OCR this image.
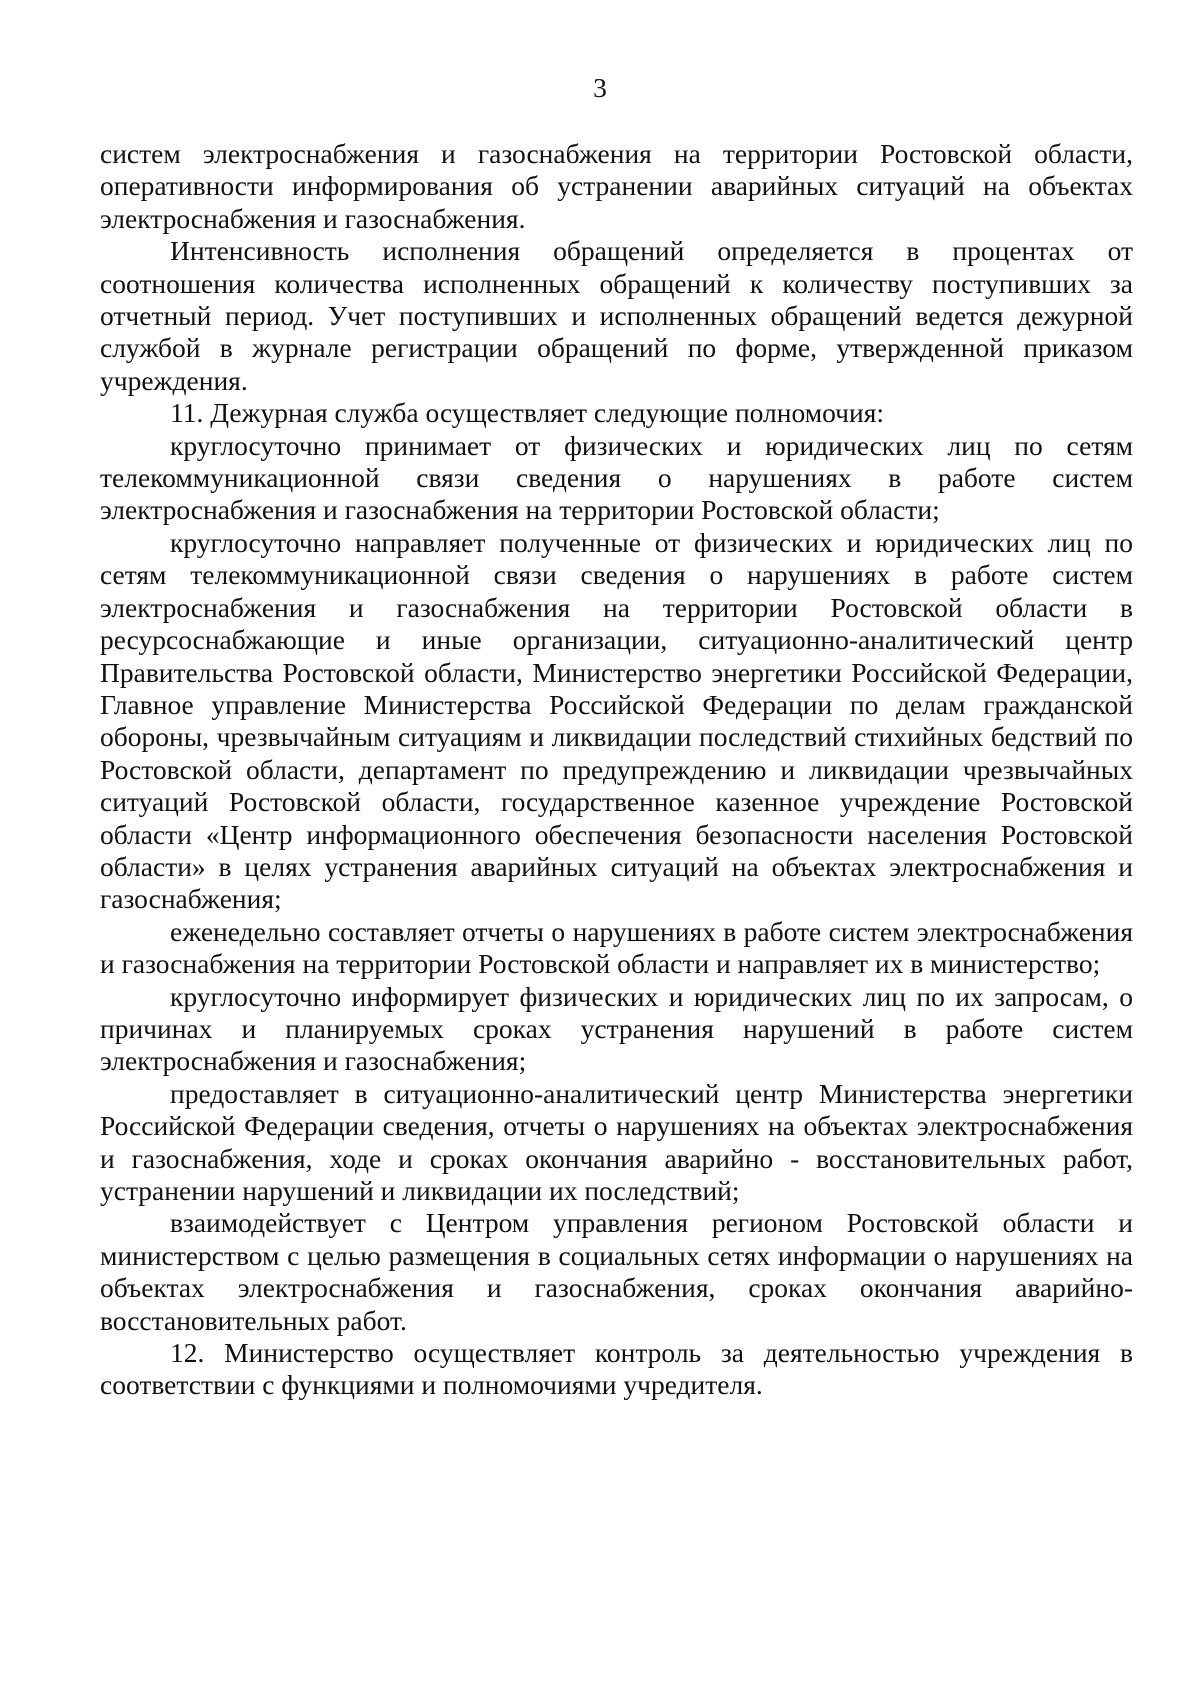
3

систем электроснабжения и газоснабжения на территории Ростовской области, оперативности информирования об устранении аварийных ситуаций на объектах электроснабжения и газоснабжения.

Интенсивность исполнения обращений определяется в процентах от соотношения количества исполненных обращений к количеству поступивших за отчетный период. Учет поступивших и исполненных обращений ведется дежурной службой в журнале регистрации обращений по форме, утвержденной приказом учреждения.

11. Дежурная служба осуществляет следующие полномочия:

круглосуточно принимает от физических и юридических лиц по сетям телекоммуникационной связи сведения о нарушениях в работе систем электроснабжения и газоснабжения на территории Ростовской области;

круглосуточно направляет полученные от физических и юридических лиц по сетям телекоммуникационной связи сведения о нарушениях в работе систем электроснабжения и газоснабжения на территории Ростовской области в ресурсоснабжающие и иные организации, ситуационно-аналитический центр Правительства Ростовской области, Министерство энергетики Российской Федерации, Главное управление Министерства Российской Федерации по делам гражданской обороны, чрезвычайным ситуациям и ликвидации последствий стихийных бедствий по Ростовской области, департамент по предупреждению и ликвидации чрезвычайных ситуаций Ростовской области, государственное казенное учреждение Ростовской области «Центр информационного обеспечения безопасности населения Ростовской области» в целях устранения аварийных ситуаций на объектах электроснабжения и газоснабжения;

еженедельно составляет отчеты о нарушениях в работе систем электроснабжения и газоснабжения на территории Ростовской области и направляет их в министерство;

круглосуточно информирует физических и юридических лиц по их запросам, о причинах и планируемых сроках устранения нарушений в работе систем электроснабжения и газоснабжения;

предоставляет в ситуационно-аналитический центр Министерства энергетики Российской Федерации сведения, отчеты о нарушениях на объектах электроснабжения и газоснабжения, ходе и сроках окончания аварийно - восстановительных работ, устранении нарушений и ликвидации их последствий;

взаимодействует с Центром управления регионом Ростовской области и министерством с целью размещения в социальных сетях информации о нарушениях на объектах электроснабжения и газоснабжения, сроках окончания аварийно-восстановительных работ.

12. Министерство осуществляет контроль за деятельностью учреждения в соответствии с функциями и полномочиями учредителя.
